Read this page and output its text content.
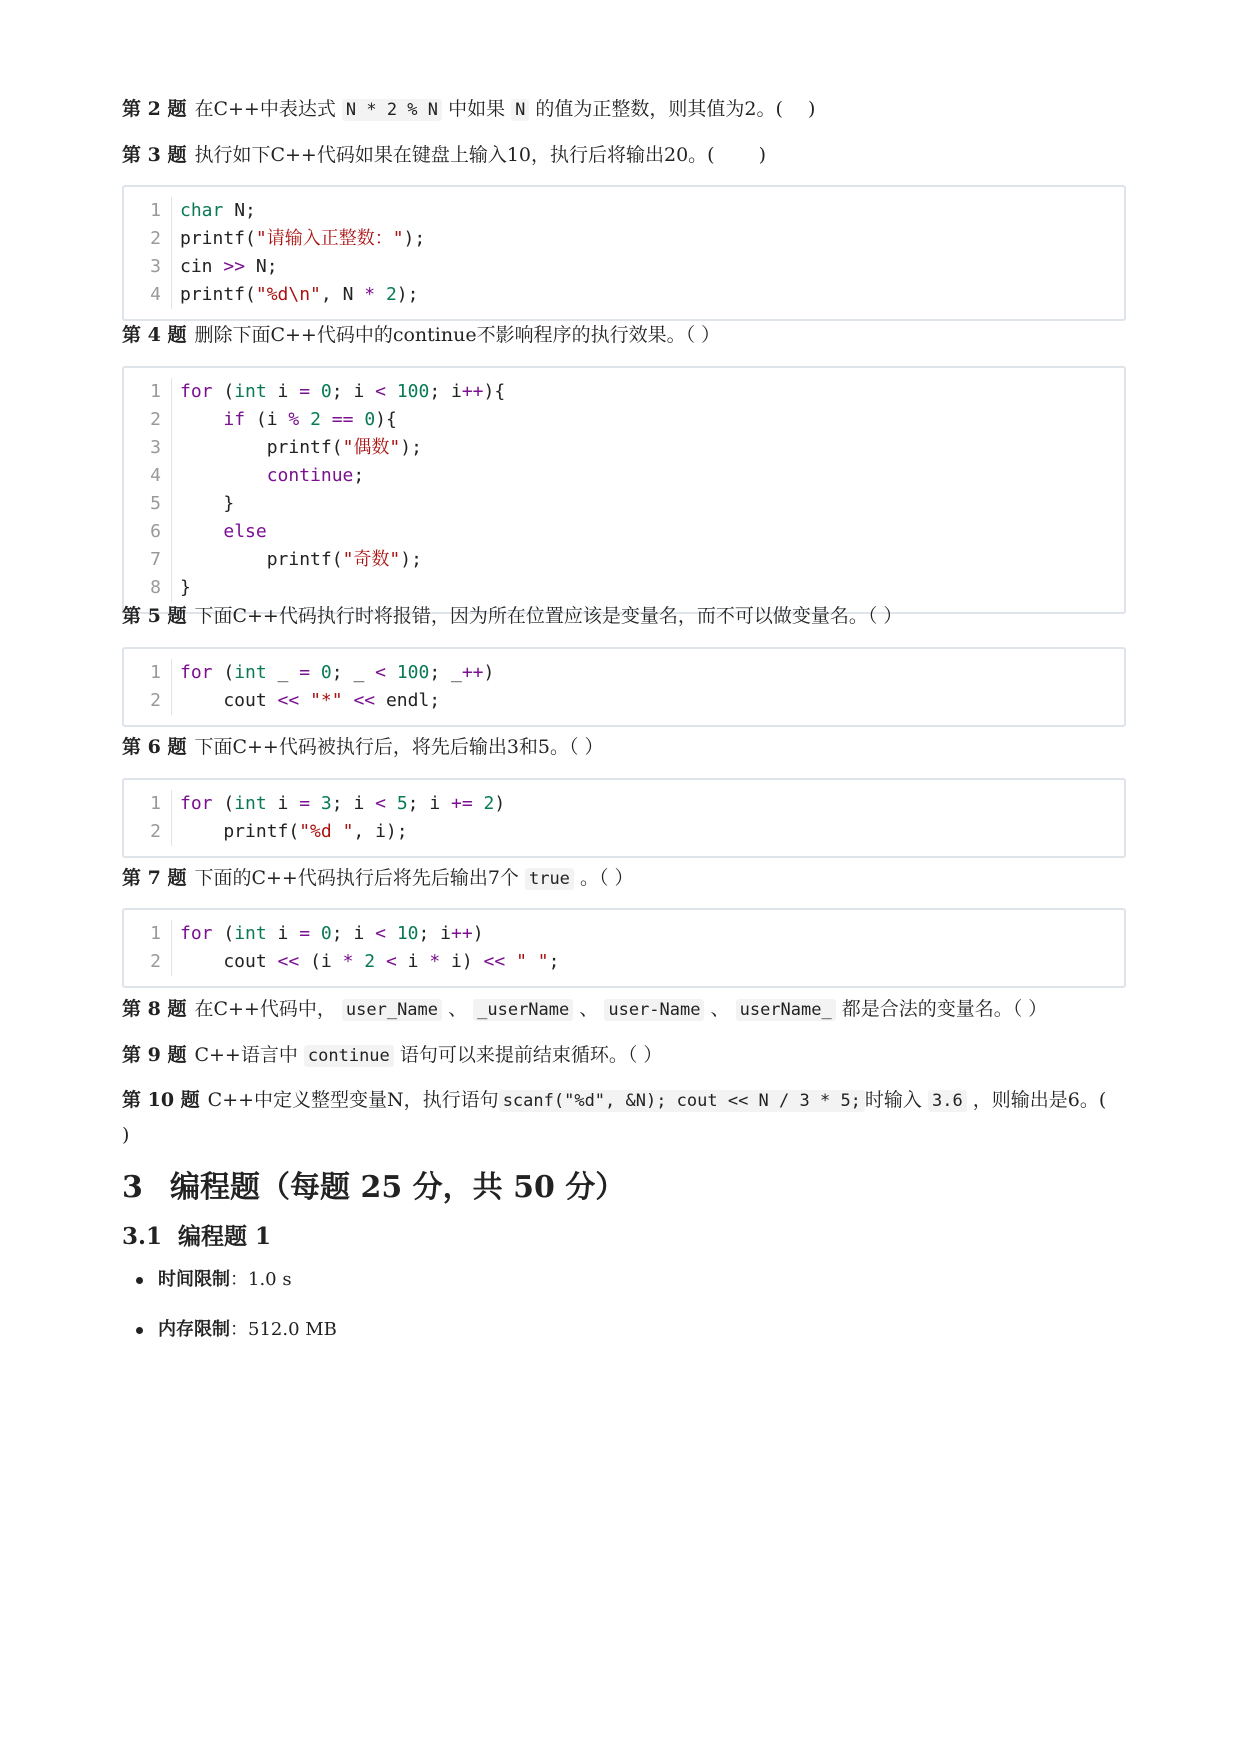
第 2 题 在C++中表达式 N * 2 % N 中如果 N 的值为正整数，则其值为2。(　 )
第 3 题 执行如下C++代码如果在键盘上输入10，执行后将输出20。(　　 )
1	char N;
2	printf("请输入正整数：");
3	cin >> N;
4	printf("%d\n", N * 2);
第 4 题 删除下面C++代码中的continue不影响程序的执行效果。（ ）
1	for (int i = 0; i < 100; i++){
2	if (i % 2 == 0){
3	printf("偶数");
4	continue;
5	}
6	else
7	printf("奇数");
8	}
第 5 题 下面C++代码执行时将报错，因为所在位置应该是变量名，而不可以做变量名。（ ）
1	for (int _ = 0; _ < 100; _++)
2	cout << "*" << endl;
第 6 题 下面C++代码被执行后，将先后输出3和5。（ ）
1	for (int i = 3; i < 5; i += 2)
2	printf("%d ", i);
第 7 题 下面的C++代码执行后将先后输出7个 true 。（ ）
1	for (int i = 0; i < 10; i++)
2	cout << (i * 2 < i * i) << " ";
第 8 题 在C++代码中， user_Name 、 _userName 、 user-Name 、 userName_ 都是合法的变量名。（ ）
第 9 题 C++语言中 continue 语句可以来提前结束循环。（ ）
第 10 题 C++中定义整型变量N，执行语句 scanf("%d", &N); cout << N / 3 * 5; 时输入 3.6 ，则输出是6。(
)
3 编程题（每题 25 分，共 50 分）
3.1 编程题 1
时间限制：1.0 s
内存限制：512.0 MB
